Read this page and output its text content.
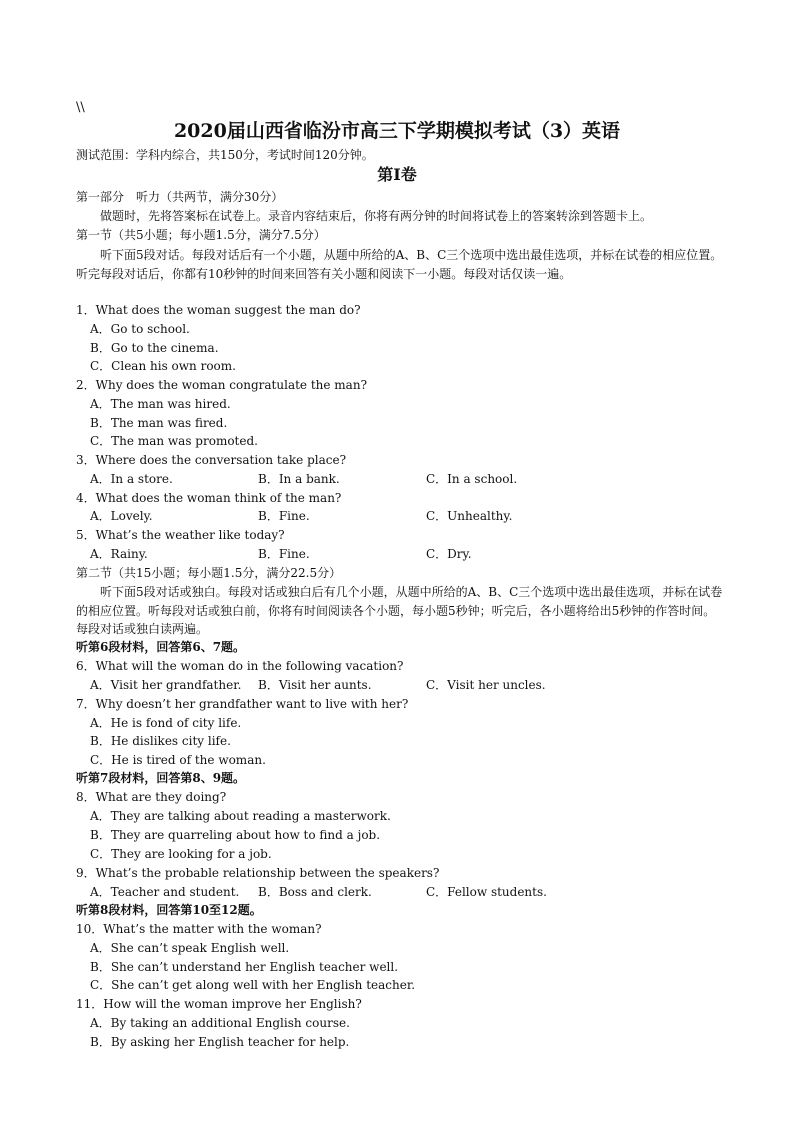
\\
2020届山西省临汾市高三下学期模拟考试（3）英语
测试范围：学科内综合，共150分，考试时间120分钟。
第Ⅰ卷
第一部分　听力（共两节，满分30分）
做题时，先将答案标在试卷上。录音内容结束后，你将有两分钟的时间将试卷上的答案转涂到答题卡上。
第一节（共5小题；每小题1.5分，满分7.5分）
听下面5段对话。每段对话后有一个小题，从题中所给的A、B、C三个选项中选出最佳选项，并标在试卷的相应位置。听完每段对话后，你都有10秒钟的时间来回答有关小题和阅读下一小题。每段对话仅读一遍。
1．What does the woman suggest the man do?
A．Go to school.
B．Go to the cinema.
C．Clean his own room.
2．Why does the woman congratulate the man?
A．The man was hired.
B．The man was fired.
C．The man was promoted.
3．Where does the conversation take place?
A．In a store.	B．In a bank.	C．In a school.
4．What does the woman think of the man?
A．Lovely.	B．Fine.	C．Unhealthy.
5．What’s the weather like today?
A．Rainy.	B．Fine.	C．Dry.
第二节（共15小题；每小题1.5分，满分22.5分）
听下面5段对话或独白。每段对话或独白后有几个小题，从题中所给的A、B、C三个选项中选出最佳选项，并标在试卷的相应位置。听每段对话或独白前，你将有时间阅读各个小题，每小题5秒钟；听完后，各小题将给出5秒钟的作答时间。每段对话或独白读两遍。
听第6段材料，回答第6、7题。
6．What will the woman do in the following vacation?
A．Visit her grandfather. B．Visit her aunts.	C．Visit her uncles.
7．Why doesn’t her grandfather want to live with her?
A．He is fond of city life.
B．He dislikes city life.
C．He is tired of the woman.
听第7段材料，回答第8、9题。
8．What are they doing?
A．They are talking about reading a masterwork.
B．They are quarreling about how to find a job.
C．They are looking for a job.
9．What’s the probable relationship between the speakers?
A．Teacher and student. B．Boss and clerk.	C．Fellow students.
听第8段材料，回答第10至12题。
10．What’s the matter with the woman?
A．She can’t speak English well.
B．She can’t understand her English teacher well.
C．She can’t get along well with her English teacher.
11．How will the woman improve her English?
A．By taking an additional English course.
B．By asking her English teacher for help.
